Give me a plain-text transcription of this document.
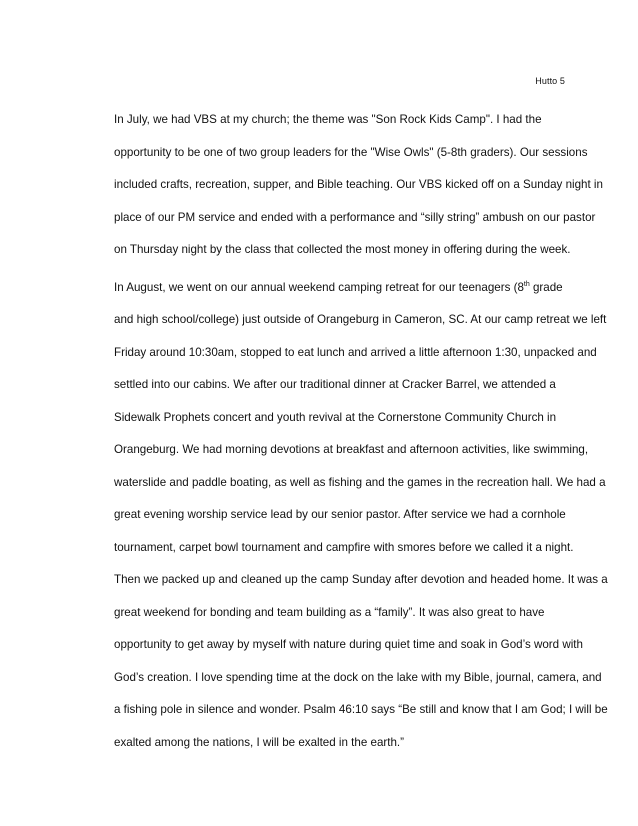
Hutto 5

In July, we had VBS at my church; the theme was "Son Rock Kids Camp". I had the
opportunity to be one of two group leaders for the "Wise Owls" (5-8th graders). Our sessions
included crafts, recreation, supper, and Bible teaching. Our VBS kicked off on a Sunday night in
place of our PM service and ended with a performance and “silly string” ambush on our pastor
on Thursday night by the class that collected the most money in offering during the week.

In August, we went on our annual weekend camping retreat for our teenagers (8th grade
and high school/college) just outside of Orangeburg in Cameron, SC. At our camp retreat we left
Friday around 10:30am, stopped to eat lunch and arrived a little afternoon 1:30, unpacked and
settled into our cabins. We after our traditional dinner at Cracker Barrel, we attended a
Sidewalk Prophets concert and youth revival at the Cornerstone Community Church in
Orangeburg. We had morning devotions at breakfast and afternoon activities, like swimming,
waterslide and paddle boating, as well as fishing and the games in the recreation hall. We had a
great evening worship service lead by our senior pastor. After service we had a cornhole
tournament, carpet bowl tournament and campfire with smores before we called it a night.
Then we packed up and cleaned up the camp Sunday after devotion and headed home. It was a
great weekend for bonding and team building as a “family”. It was also great to have
opportunity to get away by myself with nature during quiet time and soak in God’s word with
God’s creation. I love spending time at the dock on the lake with my Bible, journal, camera, and
a fishing pole in silence and wonder. Psalm 46:10 says “Be still and know that I am God; I will be
exalted among the nations, I will be exalted in the earth.”
